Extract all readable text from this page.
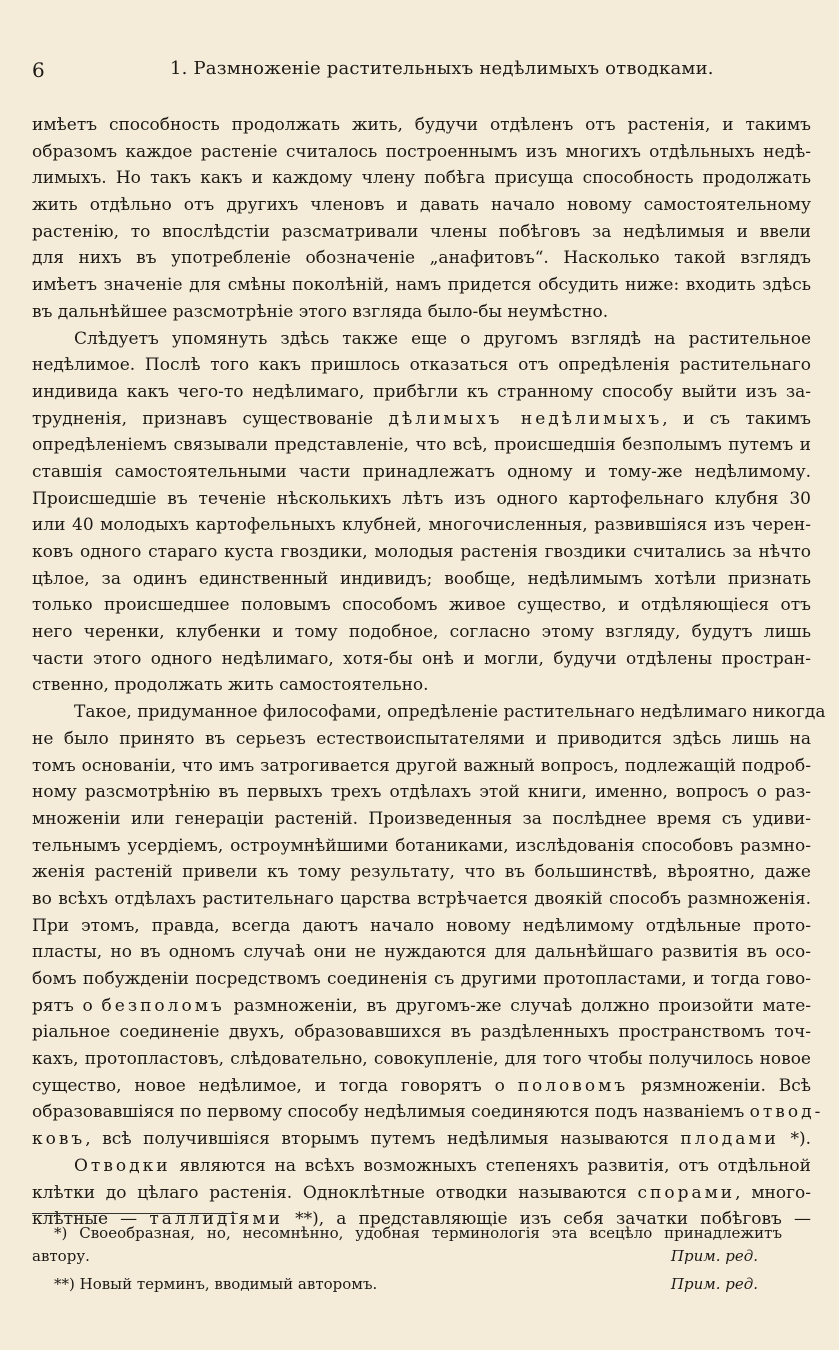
6	1. Размноженіе растительныхъ недѣлимыхъ отводками.
имѣетъ способность продолжать жить, будучи отдѣленъ отъ растенія, и такимъ
образомъ каждое растеніе считалось построеннымъ изъ многихъ отдѣльныхъ недѣ-
лимыхъ. Но такъ какъ и каждому члену побѣга присуща способность продолжать
жить отдѣльно отъ другихъ членовъ и давать начало новому самостоятельному
растенію, то впослѣдстіи разсматривали члены побѣговъ за недѣлимыя и ввели
для нихъ въ употребленіе обозначеніе „анафитовъ“. Насколько такой взглядъ
имѣетъ значеніе для смѣны поколѣній, намъ придется обсудить ниже: входить здѣсь
въ дальнѣйшее разсмотрѣніе этого взгляда было-бы неумѣстно.
Слѣдуетъ упомянуть здѣсь также еще о другомъ взглядѣ на растительное
недѣлимое. Послѣ того какъ пришлось отказаться отъ опредѣленія растительнаго
индивида какъ чего-то недѣлимаго, прибѣгли къ странному способу выйти изъ за-
трудненія, признавъ существованіе дѣлимыхъ недѣлимыхъ, и съ такимъ
опредѣленіемъ связывали представленіе, что всѣ, происшедшія безполымъ путемъ и
ставшія самостоятельными части принадлежатъ одному и тому-же недѣлимому.
Происшедшіе въ теченіе нѣсколькихъ лѣтъ изъ одного картофельнаго клубня 30
или 40 молодыхъ картофельныхъ клубней, многочисленныя, развившіяся изъ черен-
ковъ одного стараго куста гвоздики, молодыя растенія гвоздики считались за нѣчто
цѣлое, за одинъ единственный индивидъ; вообще, недѣлимымъ хотѣли признать
только происшедшее половымъ способомъ живое существо, и отдѣляющіеся отъ
него черенки, клубенки и тому подобное, согласно этому взгляду, будутъ лишь
части этого одного недѣлимаго, хотя-бы онѣ и могли, будучи отдѣлены простран-
ственно, продолжать жить самостоятельно.
Такое, придуманное философами, опредѣленіе растительнаго недѣлимаго никогда
не было принято въ серьезъ естествоиспытателями и приводится здѣсь лишь на
томъ основаніи, что имъ затрогивается другой важный вопросъ, подлежащій подроб-
ному разсмотрѣнію въ первыхъ трехъ отдѣлахъ этой книги, именно, вопросъ о раз-
множеніи или генераціи растеній. Произведенныя за послѣднее время съ удиви-
тельнымъ усердіемъ, остроумнѣйшими ботаниками, изслѣдованія способовъ размно-
женія растеній привели къ тому результату, что въ большинствѣ, вѣроятно, даже
во всѣхъ отдѣлахъ растительнаго царства встрѣчается двоякій способъ размноженія.
При этомъ, правда, всегда даютъ начало новому недѣлимому отдѣльные прото-
пласты, но въ одномъ случаѣ они не нуждаются для дальнѣйшаго развитія въ осо-
бомъ побужденіи посредствомъ соединенія съ другими протопластами, и тогда гово-
рятъ о безполомъ размноженіи, въ другомъ-же случаѣ должно произойти мате-
ріальное соединеніе двухъ, образовавшихся въ раздѣленныхъ пространствомъ точ-
кахъ, протопластовъ, слѣдовательно, совокупленіе, для того чтобы получилось новое
существо, новое недѣлимое, и тогда говорятъ о половомъ рязмноженіи. Всѣ
образовавшіяся по первому способу недѣлимыя соединяются подъ названіемъ отвод-
ковъ, всѣ получившіяся вторымъ путемъ недѣлимыя называются плодами *).
Отводки являются на всѣхъ возможныхъ степеняхъ развитія, отъ отдѣльной
клѣтки до цѣлаго растенія. Одноклѣтные отводки называются спорами, много-
клѣтные — таллидіями **), а представляющіе изъ себя зачатки побѣговъ —
*) Своеобразная, но, несомнѣнно, удобная терминологія эта всецѣло принадлежитъ
автору.	Прим. ред.
**) Новый терминъ, вводимый авторомъ.	Прим. ред.
